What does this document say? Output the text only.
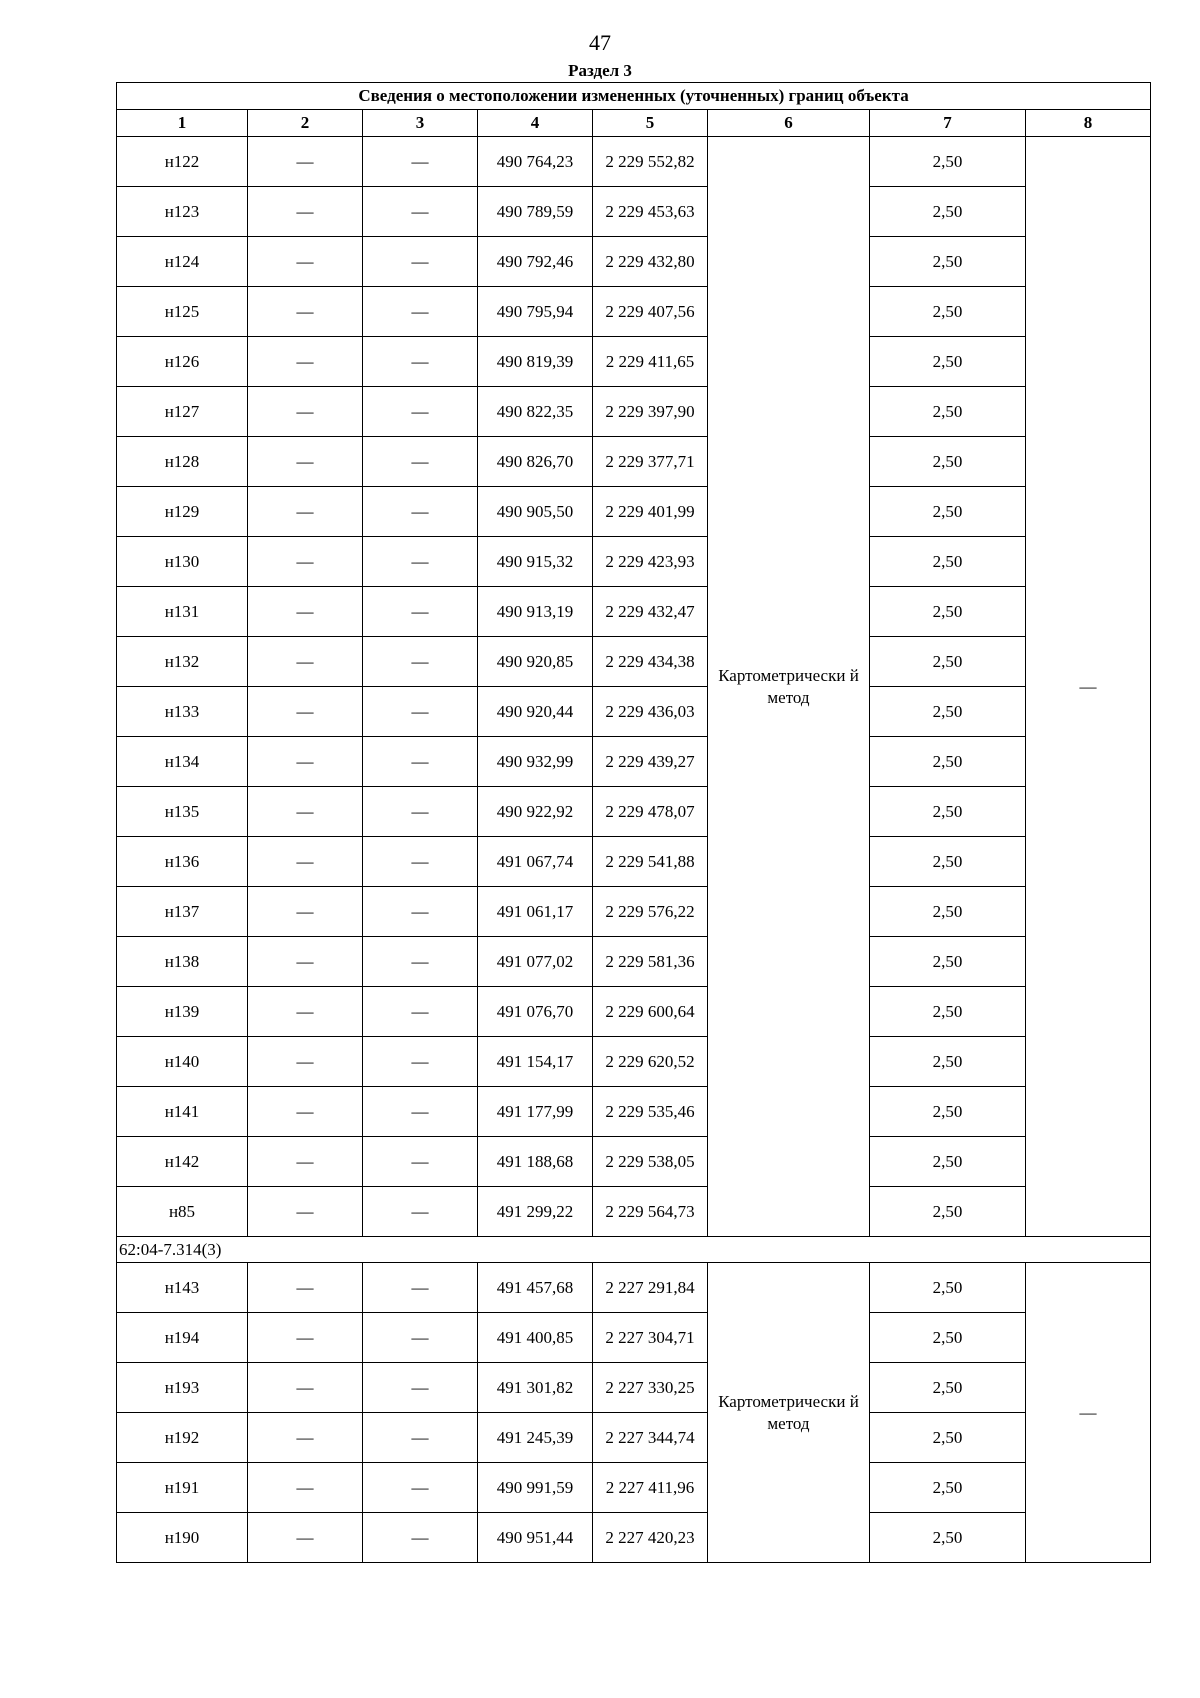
47
Раздел 3
Сведения о местоположении измененных (уточненных) границ объекта							
1	2	3	4	5	6	7	8
н122	—	—	490 764,23	2 229 552,82	Картометрически й метод	2,50	—
н123	—	—	490 789,59	2 229 453,63		2,50	
н124	—	—	490 792,46	2 229 432,80		2,50	
н125	—	—	490 795,94	2 229 407,56		2,50	
н126	—	—	490 819,39	2 229 411,65		2,50	
н127	—	—	490 822,35	2 229 397,90		2,50	
н128	—	—	490 826,70	2 229 377,71		2,50	
н129	—	—	490 905,50	2 229 401,99		2,50	
н130	—	—	490 915,32	2 229 423,93		2,50	
н131	—	—	490 913,19	2 229 432,47		2,50	
н132	—	—	490 920,85	2 229 434,38		2,50	
н133	—	—	490 920,44	2 229 436,03		2,50	
н134	—	—	490 932,99	2 229 439,27		2,50	
н135	—	—	490 922,92	2 229 478,07		2,50	
н136	—	—	491 067,74	2 229 541,88		2,50	
н137	—	—	491 061,17	2 229 576,22		2,50	
н138	—	—	491 077,02	2 229 581,36		2,50	
н139	—	—	491 076,70	2 229 600,64		2,50	
н140	—	—	491 154,17	2 229 620,52		2,50	
н141	—	—	491 177,99	2 229 535,46		2,50	
н142	—	—	491 188,68	2 229 538,05		2,50	
н85	—	—	491 299,22	2 229 564,73		2,50	
62:04-7.314(3)							
н143	—	—	491 457,68	2 227 291,84	Картометрически й метод	2,50	—
н194	—	—	491 400,85	2 227 304,71		2,50	
н193	—	—	491 301,82	2 227 330,25		2,50	
н192	—	—	491 245,39	2 227 344,74		2,50	
н191	—	—	490 991,59	2 227 411,96		2,50	
н190	—	—	490 951,44	2 227 420,23		2,50	
